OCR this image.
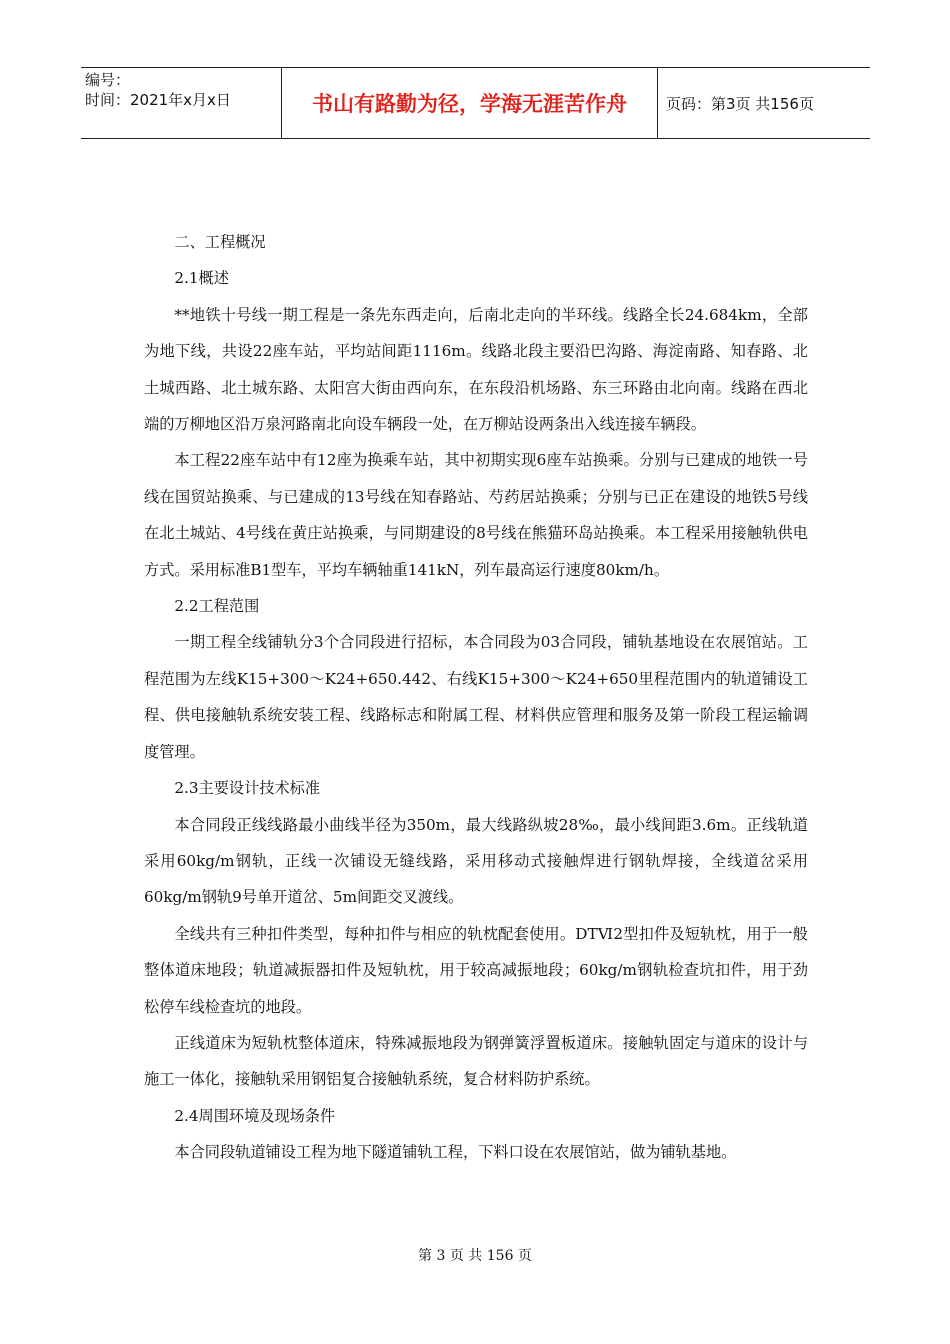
编号：
时间：2021年x月x日	书山有路勤为径，学海无涯苦作舟	页码：第3页 共156页

二、工程概况

2.1概述

**地铁十号线一期工程是一条先东西走向，后南北走向的半环线。线路全长24.684km，全部为地下线，共设22座车站，平均站间距1116m。线路北段主要沿巴沟路、海淀南路、知春路、北土城西路、北土城东路、太阳宫大街由西向东，在东段沿机场路、东三环路由北向南。线路在西北端的万柳地区沿万泉河路南北向设车辆段一处，在万柳站设两条出入线连接车辆段。

本工程22座车站中有12座为换乘车站，其中初期实现6座车站换乘。分别与已建成的地铁一号线在国贸站换乘、与已建成的13号线在知春路站、芍药居站换乘；分别与已正在建设的地铁5号线在北土城站、4号线在黄庄站换乘，与同期建设的8号线在熊猫环岛站换乘。本工程采用接触轨供电方式。采用标准B1型车，平均车辆轴重141kN，列车最高运行速度80km/h。

2.2工程范围

一期工程全线铺轨分3个合同段进行招标，本合同段为03合同段，铺轨基地设在农展馆站。工程范围为左线K15+300～K24+650.442、右线K15+300～K24+650里程范围内的轨道铺设工程、供电接触轨系统安装工程、线路标志和附属工程、材料供应管理和服务及第一阶段工程运输调度管理。

2.3主要设计技术标准

本合同段正线线路最小曲线半径为350m，最大线路纵坡28‰，最小线间距3.6m。正线轨道采用60kg/m钢轨，正线一次铺设无缝线路，采用移动式接触焊进行钢轨焊接，全线道岔采用60kg/m钢轨9号单开道岔、5m间距交叉渡线。

全线共有三种扣件类型，每种扣件与相应的轨枕配套使用。DTⅥ2型扣件及短轨枕，用于一般整体道床地段；轨道减振器扣件及短轨枕，用于较高减振地段；60kg/m钢轨检查坑扣件，用于劲松停车线检查坑的地段。

正线道床为短轨枕整体道床，特殊减振地段为钢弹簧浮置板道床。接触轨固定与道床的设计与施工一体化，接触轨采用钢铝复合接触轨系统，复合材料防护系统。

2.4周围环境及现场条件

本合同段轨道铺设工程为地下隧道铺轨工程，下料口设在农展馆站，做为铺轨基地。

第 3 页 共 156 页
